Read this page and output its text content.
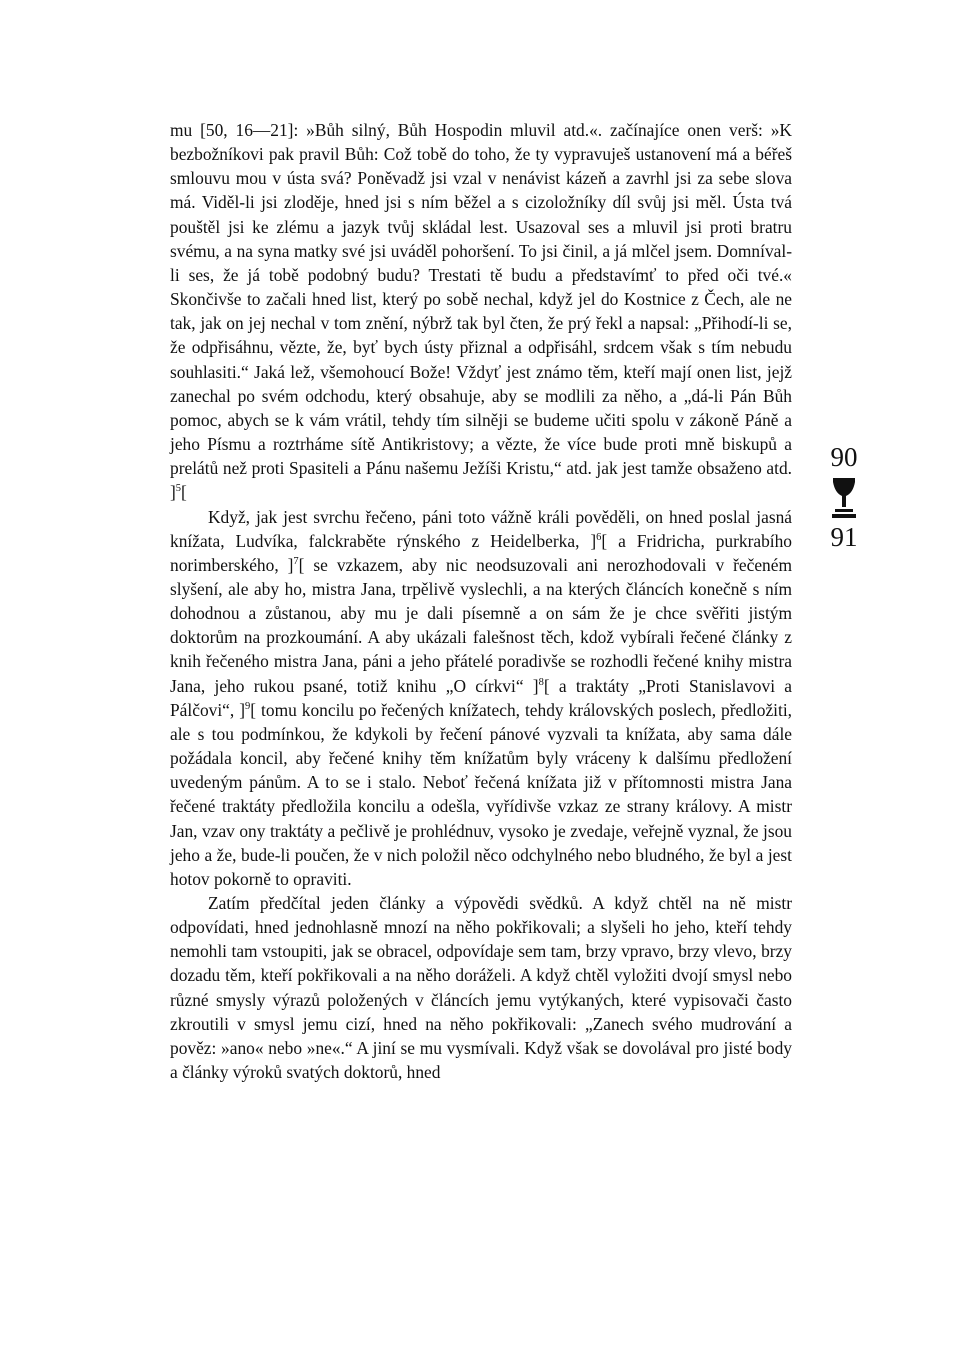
mu [50, 16—21]: »Bůh silný, Bůh Hospodin mluvil atd.«. začínajíce onen verš: »K bezbožníkovi pak pravil Bůh: Což tobě do toho, že ty vypravuješ ustanovení má a béřeš smlouvu mou v ústa svá? Poněvadž jsi vzal v nenávist kázeň a zavrhl jsi za sebe slova má. Viděl-li jsi zloděje, hned jsi s ním běžel a s cizoložníky díl svůj jsi měl. Ústa tvá pouštěl jsi ke zlému a jazyk tvůj skládal lest. Usazoval ses a mluvil jsi proti bratru svému, a na syna matky své jsi uváděl pohoršení. To jsi činil, a já mlčel jsem. Domníval-li ses, že já tobě podobný budu? Trestati tě budu a představímť to před oči tvé.« Skončivše to začali hned list, který po sobě nechal, když jel do Kostnice z Čech, ale ne tak, jak on jej nechal v tom znění, nýbrž tak byl čten, že prý řekl a napsal: „Přihodí-li se, že odpřisáhnu, vězte, že, byť bych ústy přiznal a odpřisáhl, srdcem však s tím nebudu souhlasiti.“ Jaká lež, všemohoucí Bože! Vždyť jest známo těm, kteří mají onen list, jejž zanechal po svém odchodu, který obsahuje, aby se modlili za něho, a „dá-li Pán Bůh pomoc, abych se k vám vrátil, tehdy tím silněji se budeme učiti spolu v zákoně Páně a jeho Písmu a roztrháme sítě Antikristovy; a vězte, že více bude proti mně biskupů a prelátů než proti Spasiteli a Pánu našemu Ježíši Kristu,“ atd. jak jest tamže obsaženo atd. ]$^5$[

Když, jak jest svrchu řečeno, páni toto vážně králi pověděli, on hned poslal jasná knížata, Ludvíka, falckraběte rýnského z Heidelberka, ]$^6$[ a Fridricha, purkrabího norimberského, ]$^7$[ se vzkazem, aby nic neodsuzovali ani nerozhodovali v řečeném slyšení, ale aby ho, mistra Jana, trpělivě vyslechli, a na kterých článcích konečně s ním dohodnou a zůstanou, aby mu je dali písemně a on sám že je chce svěřiti jistým doktorům na prozkoumání. A aby ukázali falešnost těch, kdož vybírali řečené články z knih řečeného mistra Jana, páni a jeho přátelé poradivše se rozhodli řečené knihy mistra Jana, jeho rukou psané, totiž knihu „O církvi“ ]$^8$[ a traktáty „Proti Stanislavovi a Pálčovi“, ]$^9$[ tomu koncilu po řečených knížatech, tehdy královských poslech, předložiti, ale s tou podmínkou, že kdykoli by řečení pánové vyzvali ta knížata, aby sama dále požádala koncil, aby řečené knihy těm knížatům byly vráceny k dalšímu předložení uvedeným pánům. A to se i stalo. Neboť řečená knížata již v přítomnosti mistra Jana řečené traktáty předložila koncilu a odešla, vyřídivše vzkaz ze strany královy. A mistr Jan, vzav ony traktáty a pečlivě je prohlédnuv, vysoko je zvedaje, veřejně vyznal, že jsou jeho a že, bude-li poučen, že v nich položil něco odchylného nebo bludného, že byl a jest hotov pokorně to opraviti.

Zatím předčítal jeden články a výpovědi svědků. A když chtěl na ně mistr odpovídati, hned jednohlasně mnozí na něho pokřikovali; a slyšeli ho jeho, kteří tehdy nemohli tam vstoupiti, jak se obracel, odpovídaje sem tam, brzy vpravo, brzy vlevo, brzy dozadu těm, kteří pokřikovali a na něho doráželi. A když chtěl vyložiti dvojí smysl nebo různé smysly výrazů položených v článcích jemu vytýkaných, které vypisovači často zkroutili v smysl jemu cizí, hned na něho pokřikovali: „Zanech svého mudrování a pověz: »ano« nebo »ne«.“ A jiní se mu vysmívali. Když však se dovolával pro jisté body a články výroků svatých doktorů, hned

90
91
